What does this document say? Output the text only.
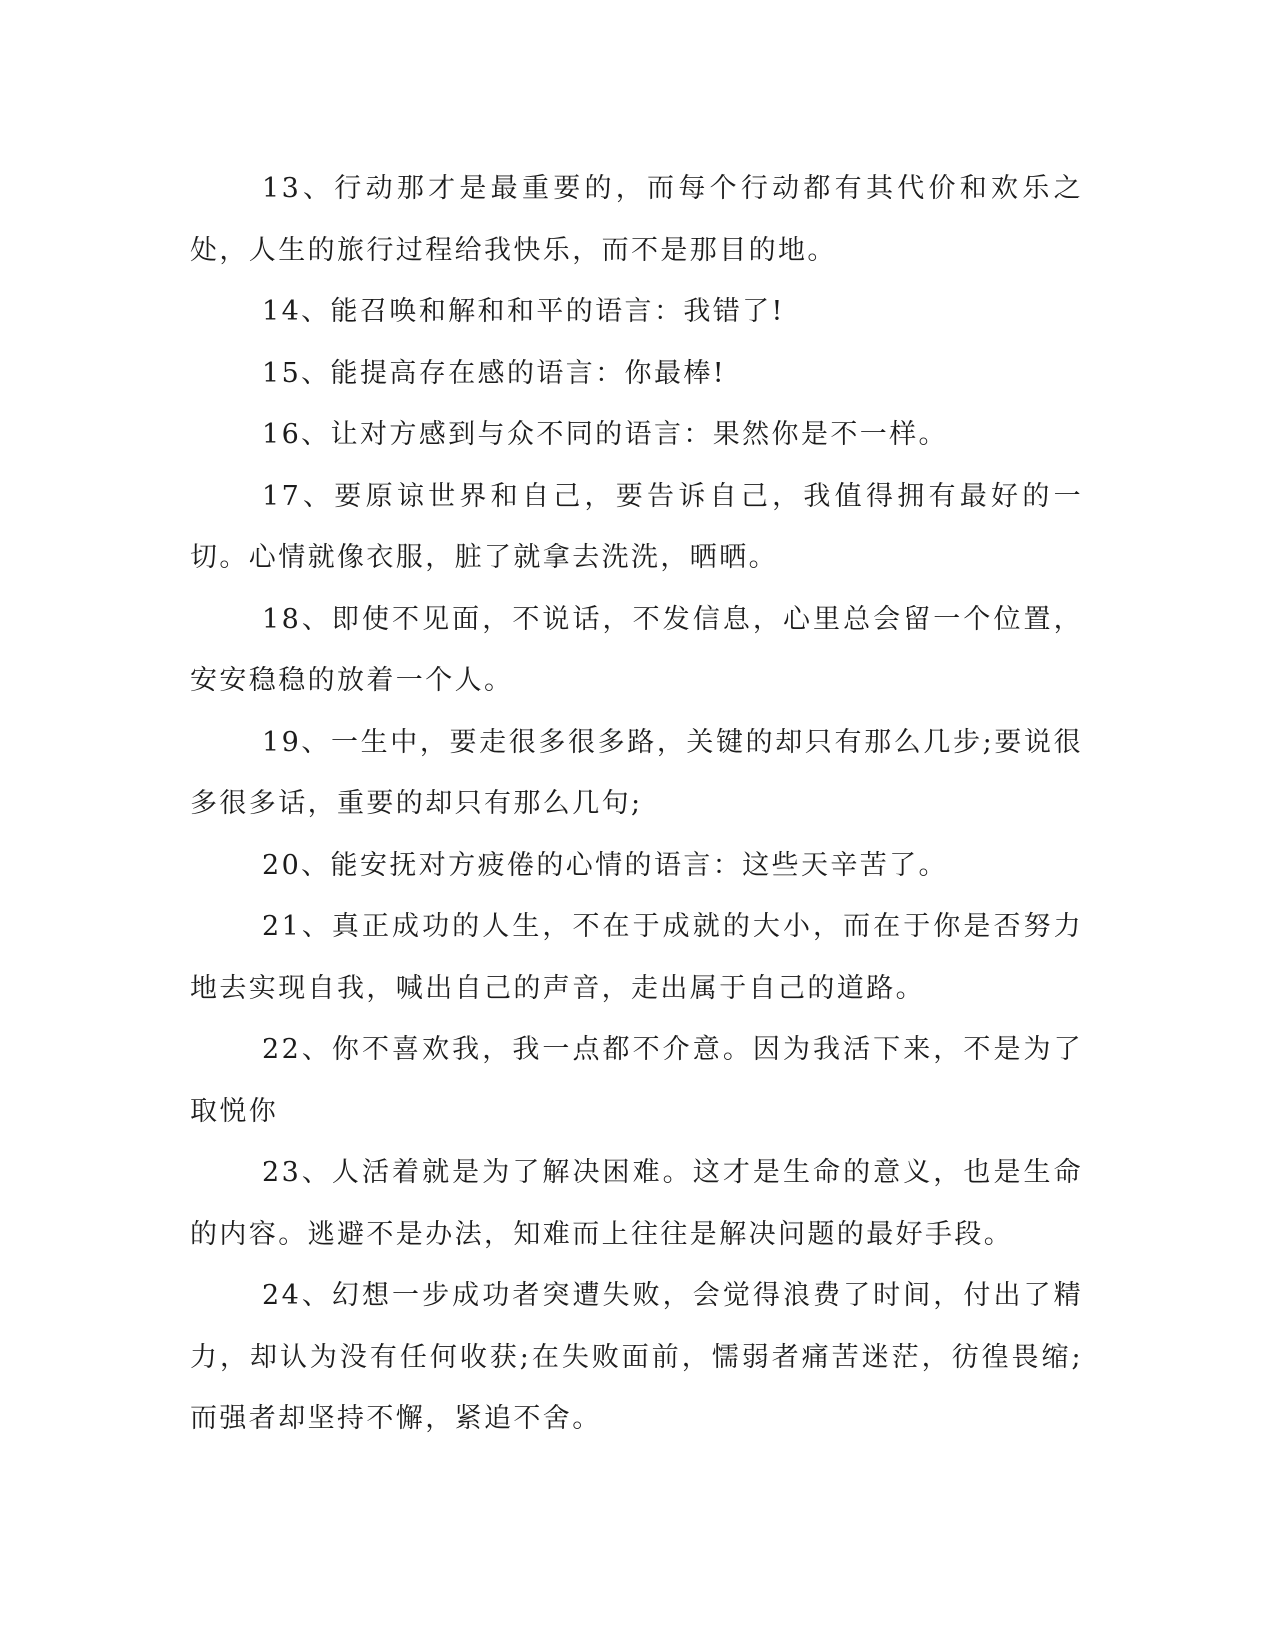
13、行动那才是最重要的，而每个行动都有其代价和欢乐之处，人生的旅行过程给我快乐，而不是那目的地。

14、能召唤和解和和平的语言：我错了!

15、能提高存在感的语言：你最棒!

16、让对方感到与众不同的语言：果然你是不一样。

17、要原谅世界和自己，要告诉自己，我值得拥有最好的一切。心情就像衣服，脏了就拿去洗洗，晒晒。

18、即使不见面，不说话，不发信息，心里总会留一个位置，安安稳稳的放着一个人。

19、一生中，要走很多很多路，关键的却只有那么几步;要说很多很多话，重要的却只有那么几句;

20、能安抚对方疲倦的心情的语言：这些天辛苦了。

21、真正成功的人生，不在于成就的大小，而在于你是否努力地去实现自我，喊出自己的声音，走出属于自己的道路。

22、你不喜欢我，我一点都不介意。因为我活下来，不是为了取悦你

23、人活着就是为了解决困难。这才是生命的意义，也是生命的内容。逃避不是办法，知难而上往往是解决问题的最好手段。

24、幻想一步成功者突遭失败，会觉得浪费了时间，付出了精力，却认为没有任何收获;在失败面前，懦弱者痛苦迷茫，彷徨畏缩;而强者却坚持不懈，紧追不舍。
